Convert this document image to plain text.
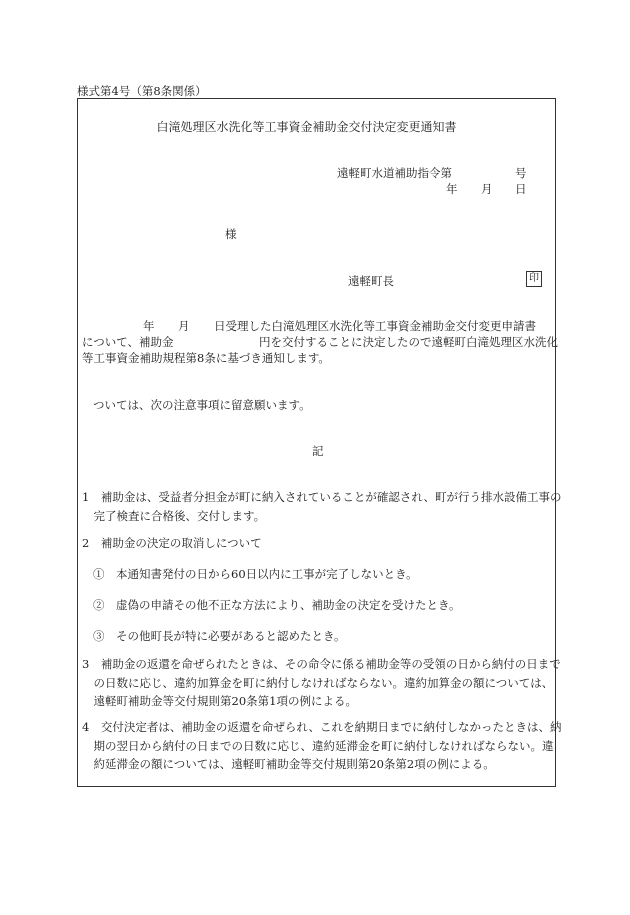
様式第4号（第8条関係）
白滝処理区水洗化等工事資金補助金交付決定変更通知書
遠軽町水道補助指令第	号
年 月 日
様
遠軽町長	印
年 月 日受理した白滝処理区水洗化等工事資金補助金交付変更申請書
について、補助金	円を交付することに決定したので遠軽町白滝処理区水洗化
等工事資金補助規程第8条に基づき通知します。
ついては、次の注意事項に留意願います。
記
1　補助金は、受益者分担金が町に納入されていることが確認され、町が行う排水設備工事の完了検査に合格後、交付します。
2　補助金の決定の取消しについて
①　本通知書発付の日から60日以内に工事が完了しないとき。
②　虚偽の申請その他不正な方法により、補助金の決定を受けたとき。
③　その他町長が特に必要があると認めたとき。
3　補助金の返還を命ぜられたときは、その命令に係る補助金等の受領の日から納付の日までの日数に応じ、違約加算金を町に納付しなければならない。違約加算金の額については、遠軽町補助金等交付規則第20条第1項の例による。
4　交付決定者は、補助金の返還を命ぜられ、これを納期日までに納付しなかったときは、納期の翌日から納付の日までの日数に応じ、違約延滞金を町に納付しなければならない。違約延滞金の額については、遠軽町補助金等交付規則第20条第2項の例による。
